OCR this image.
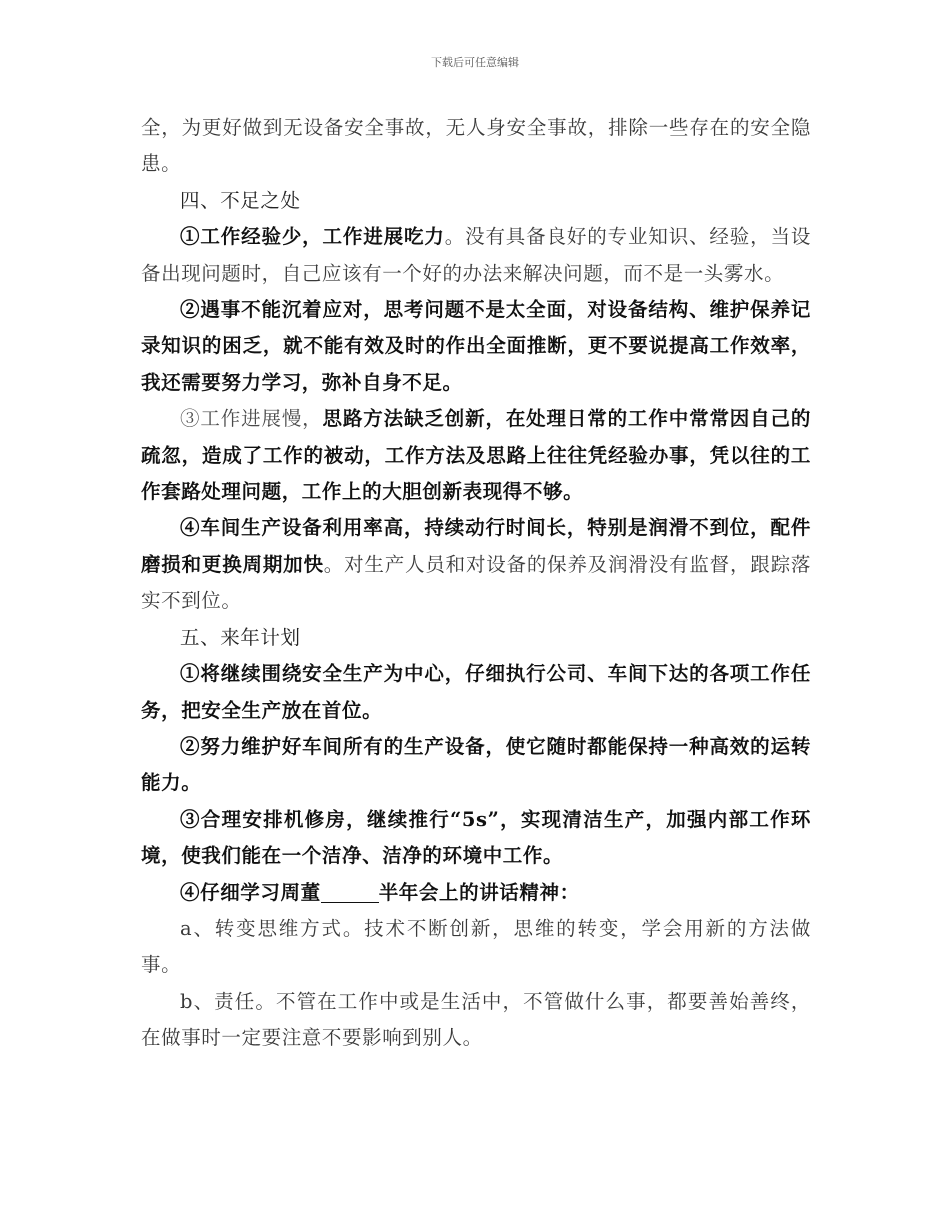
下载后可任意编辑

全，为更好做到无设备安全事故，无人身安全事故，排除一些存在的安全隐患。

四、不足之处

①工作经验少，工作进展吃力。没有具备良好的专业知识、经验，当设备出现问题时，自己应该有一个好的办法来解决问题，而不是一头雾水。

②遇事不能沉着应对，思考问题不是太全面，对设备结构、维护保养记录知识的困乏，就不能有效及时的作出全面推断，更不要说提高工作效率，我还需要努力学习，弥补自身不足。

③工作进展慢，思路方法缺乏创新，在处理日常的工作中常常因自己的疏忽，造成了工作的被动，工作方法及思路上往往凭经验办事，凭以往的工作套路处理问题，工作上的大胆创新表现得不够。

④车间生产设备利用率高，持续动行时间长，特别是润滑不到位，配件磨损和更换周期加快。对生产人员和对设备的保养及润滑没有监督，跟踪落实不到位。

五、来年计划

①将继续围绕安全生产为中心，仔细执行公司、车间下达的各项工作任务，把安全生产放在首位。

②努力维护好车间所有的生产设备，使它随时都能保持一种高效的运转能力。

③合理安排机修房，继续推行“5s”，实现清洁生产，加强内部工作环境，使我们能在一个洁净、洁净的环境中工作。

④仔细学习周董	半年会上的讲话精神：

a、转变思维方式。技术不断创新，思维的转变，学会用新的方法做事。

b、责任。不管在工作中或是生活中，不管做什么事，都要善始善终，在做事时一定要注意不要影响到别人。
